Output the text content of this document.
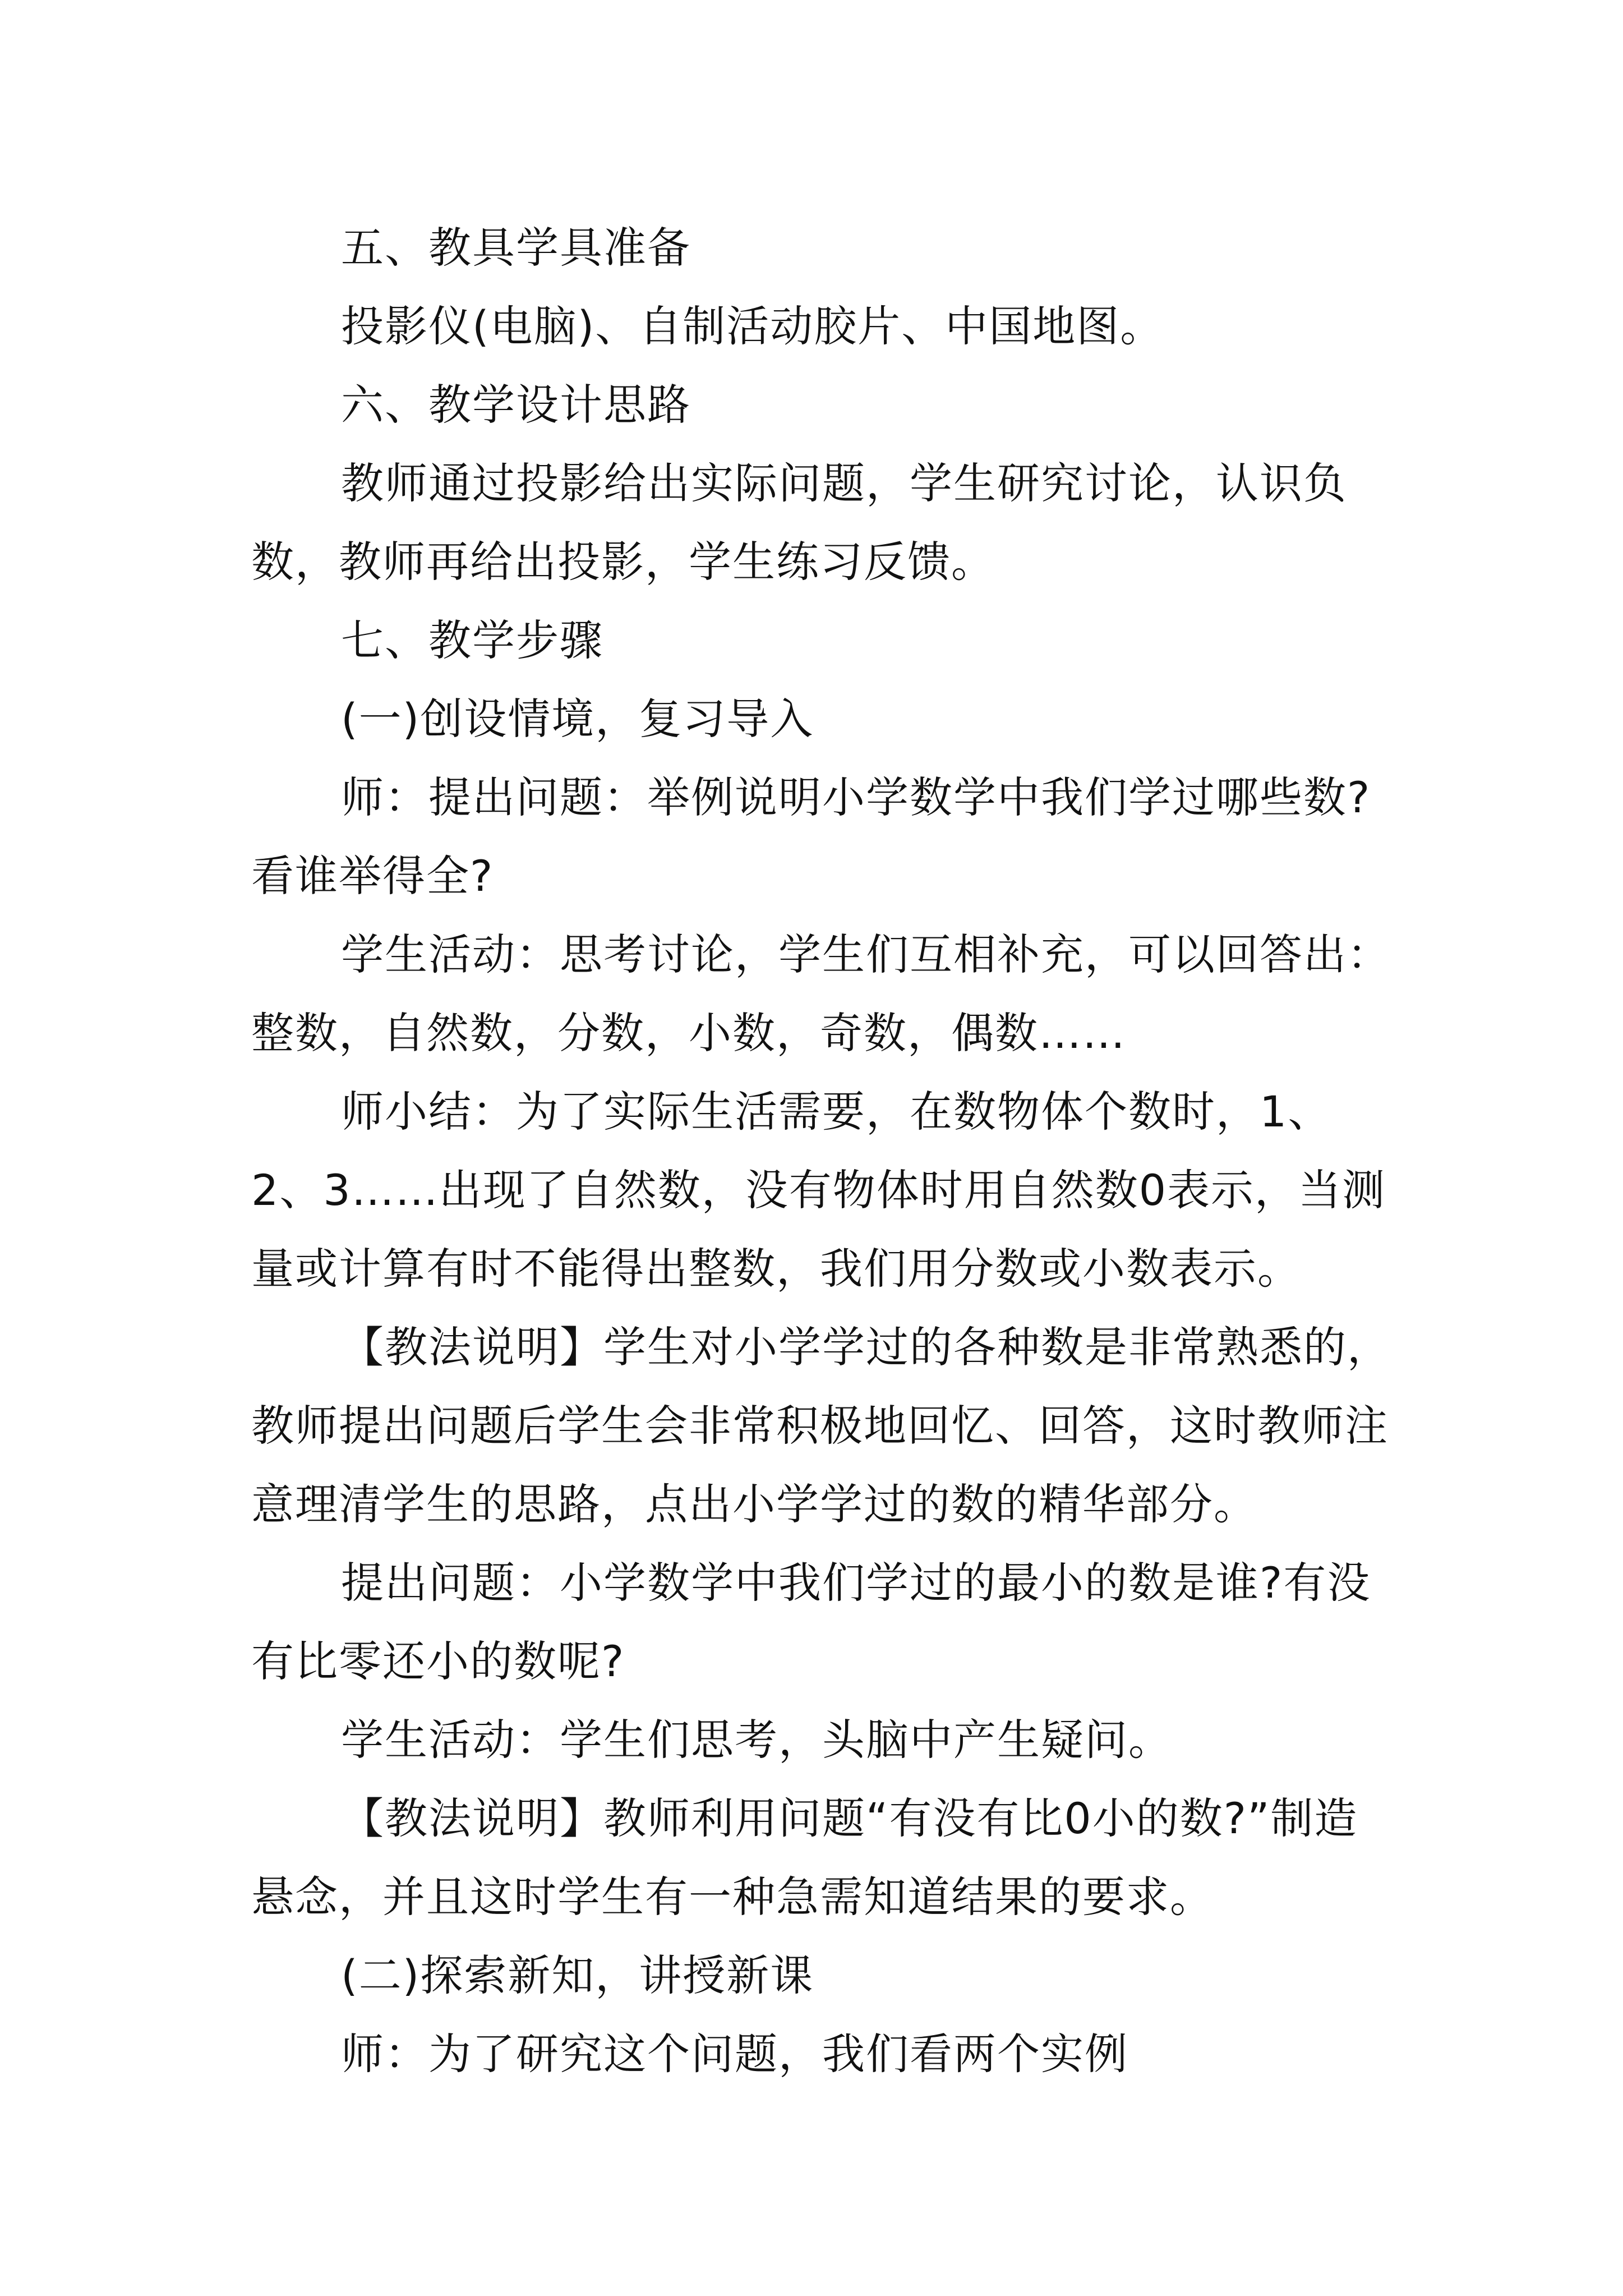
五、教具学具准备

投影仪(电脑)、自制活动胶片、中国地图。

六、教学设计思路

教师通过投影给出实际问题，学生研究讨论，认识负数，教师再给出投影，学生练习反馈。

七、教学步骤

(一)创设情境，复习导入

师：提出问题：举例说明小学数学中我们学过哪些数?看谁举得全?

学生活动：思考讨论，学生们互相补充，可以回答出：整数，自然数，分数，小数，奇数，偶数……

师小结：为了实际生活需要，在数物体个数时，1、2、3……出现了自然数，没有物体时用自然数0表示，当测量或计算有时不能得出整数，我们用分数或小数表示。

【教法说明】学生对小学学过的各种数是非常熟悉的，教师提出问题后学生会非常积极地回忆、回答，这时教师注意理清学生的思路，点出小学学过的数的精华部分。

提出问题：小学数学中我们学过的最小的数是谁?有没有比零还小的数呢?

学生活动：学生们思考，头脑中产生疑问。

【教法说明】教师利用问题“有没有比0小的数?”制造悬念，并且这时学生有一种急需知道结果的要求。

(二)探索新知，讲授新课

师：为了研究这个问题，我们看两个实例
